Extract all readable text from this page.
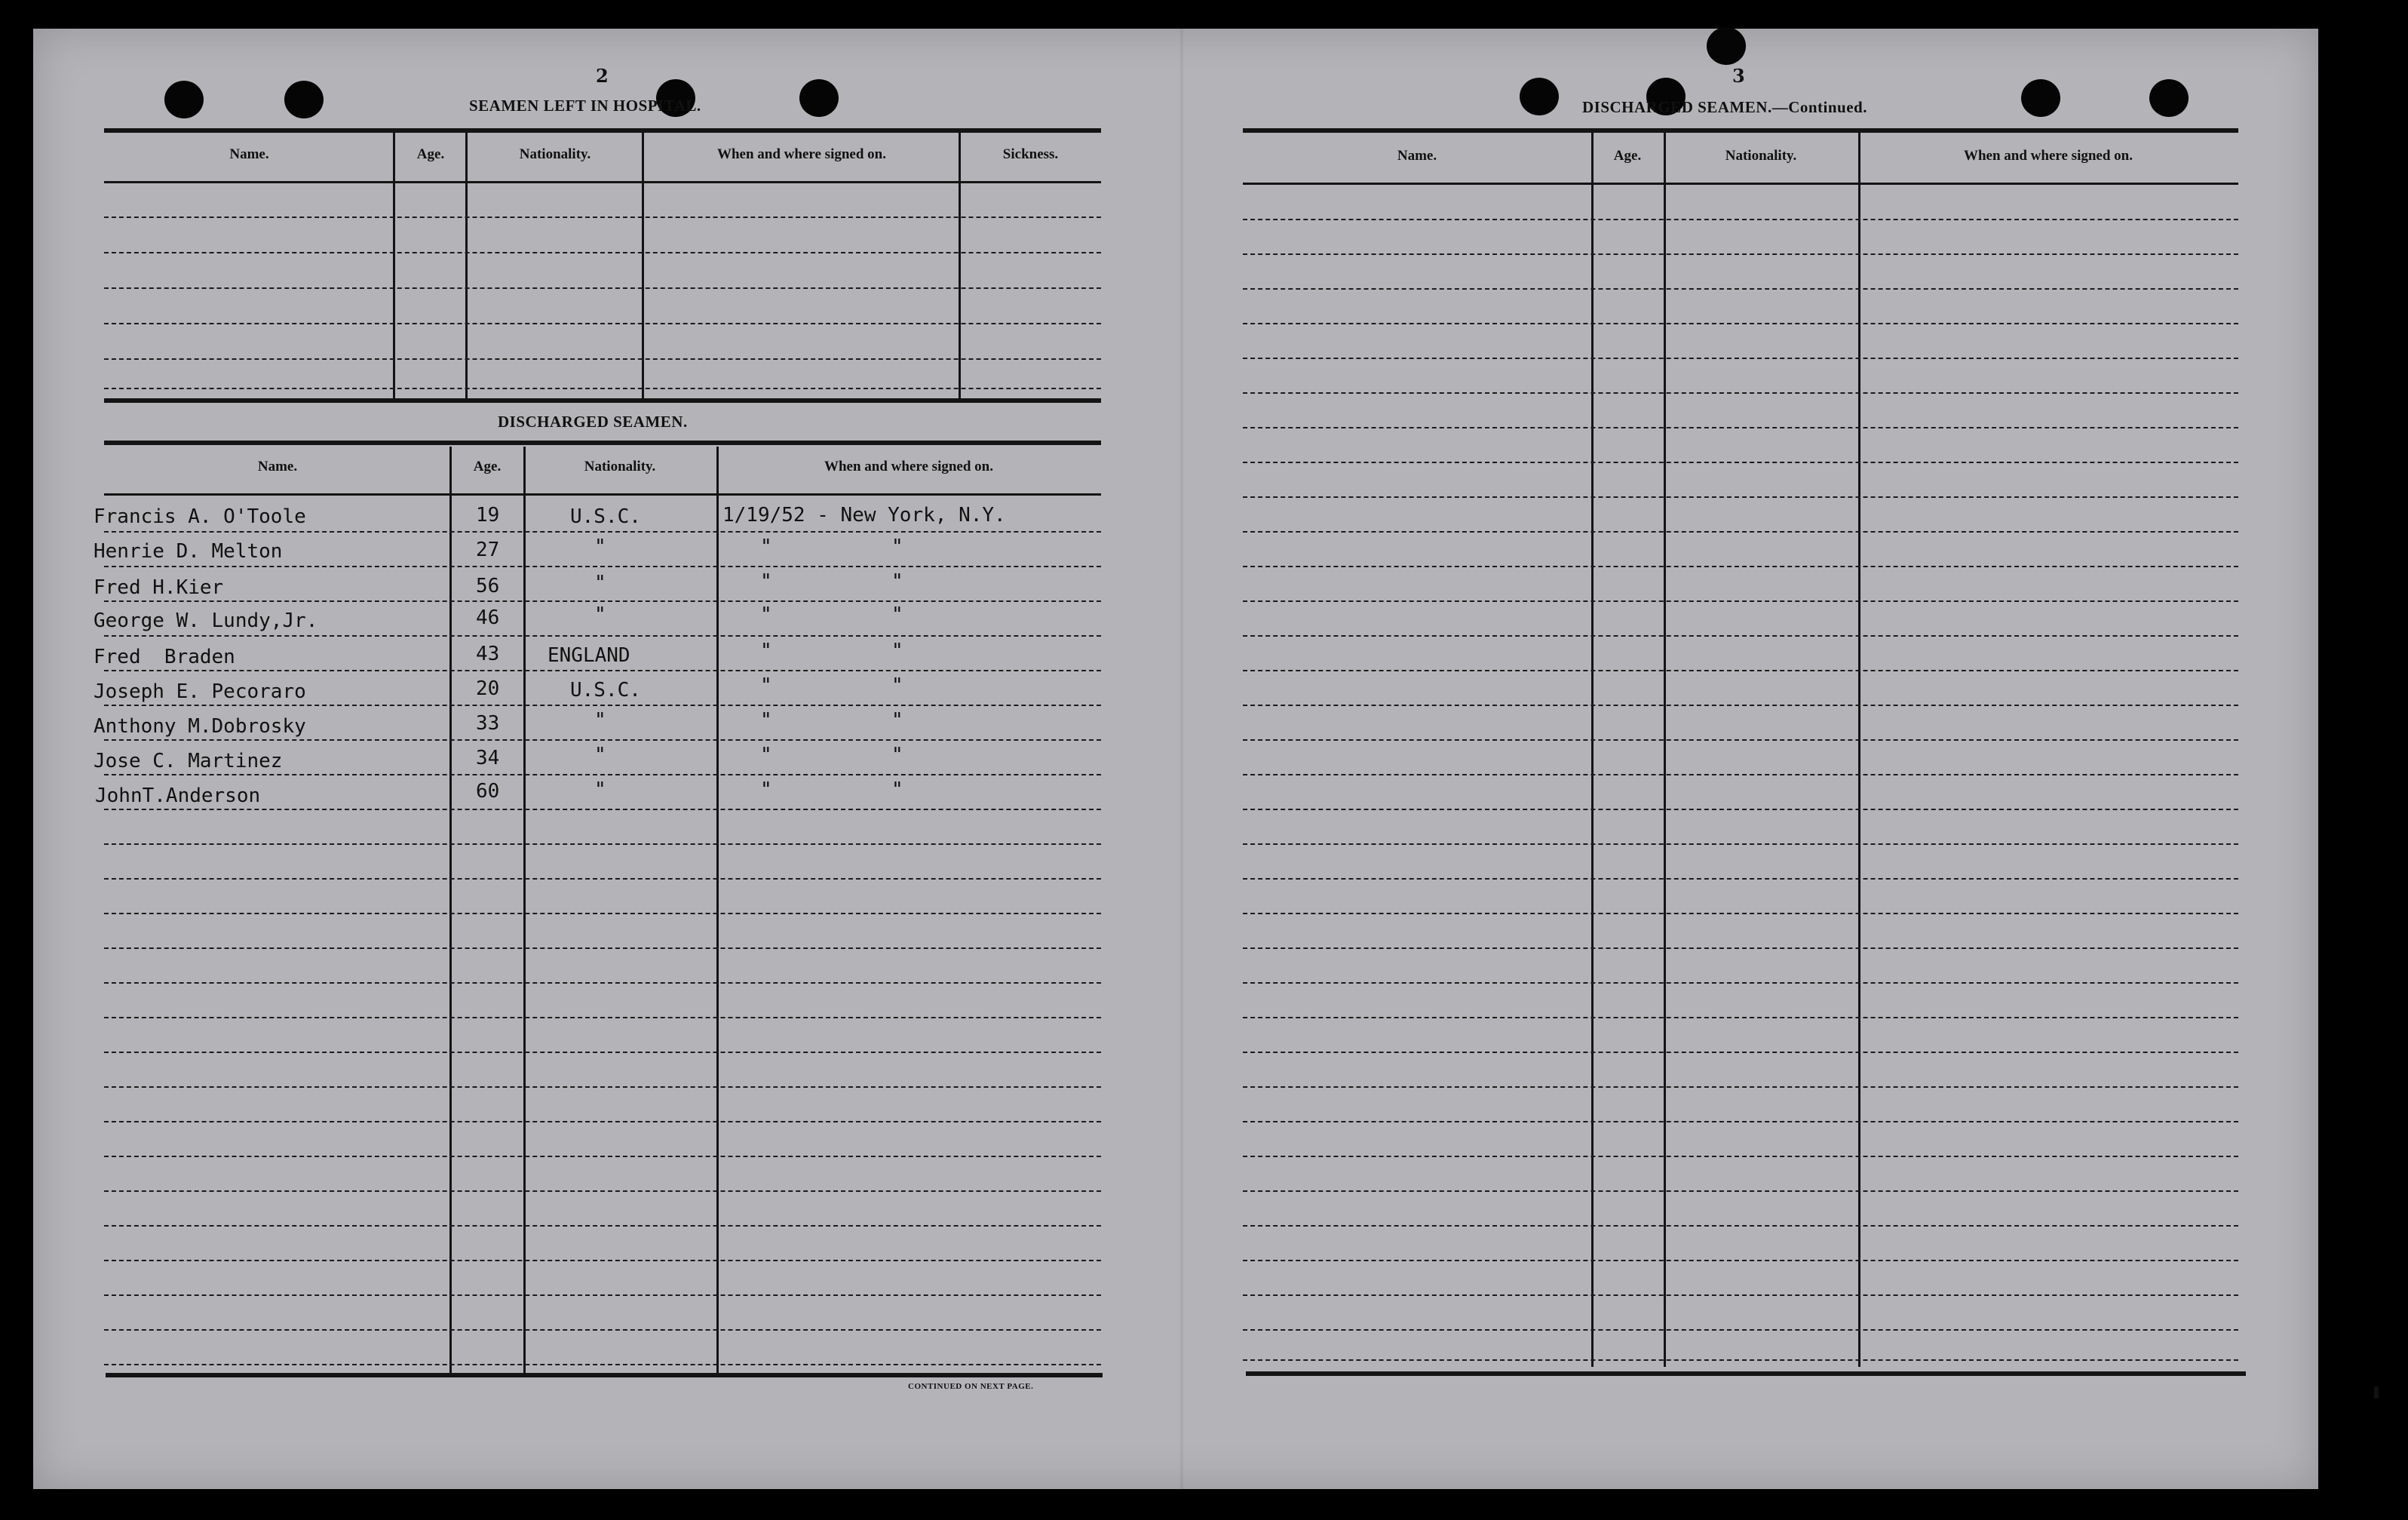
2
SEAMEN LEFT IN HOSPITAL.
Name.	Age.	Nationality.	When and where signed on.	Sickness.
DISCHARGED SEAMEN.
Name.	Age.	Nationality.	When and where signed on.
Francis A. O'Toole	19	U.S.C.	1/19/52 - New York, N.Y.
Henrie D. Melton	27	"	"	"
Fred H.Kier	56	"	"	"
George W. Lundy,Jr.	46	"	"	"
Fred  Braden	43 ENGLAND	"	"
Joseph E. Pecoraro	20	U.S.C.	"	"
Anthony M.Dobrosky	33	"	"	"
Jose C. Martinez	34	"	"	"
JohnT.Anderson	60	"	"	"
CONTINUED ON NEXT PAGE.
3
DISCHARGED SEAMEN.—Continued.
Name.	Age.	Nationality.	When and where signed on.
